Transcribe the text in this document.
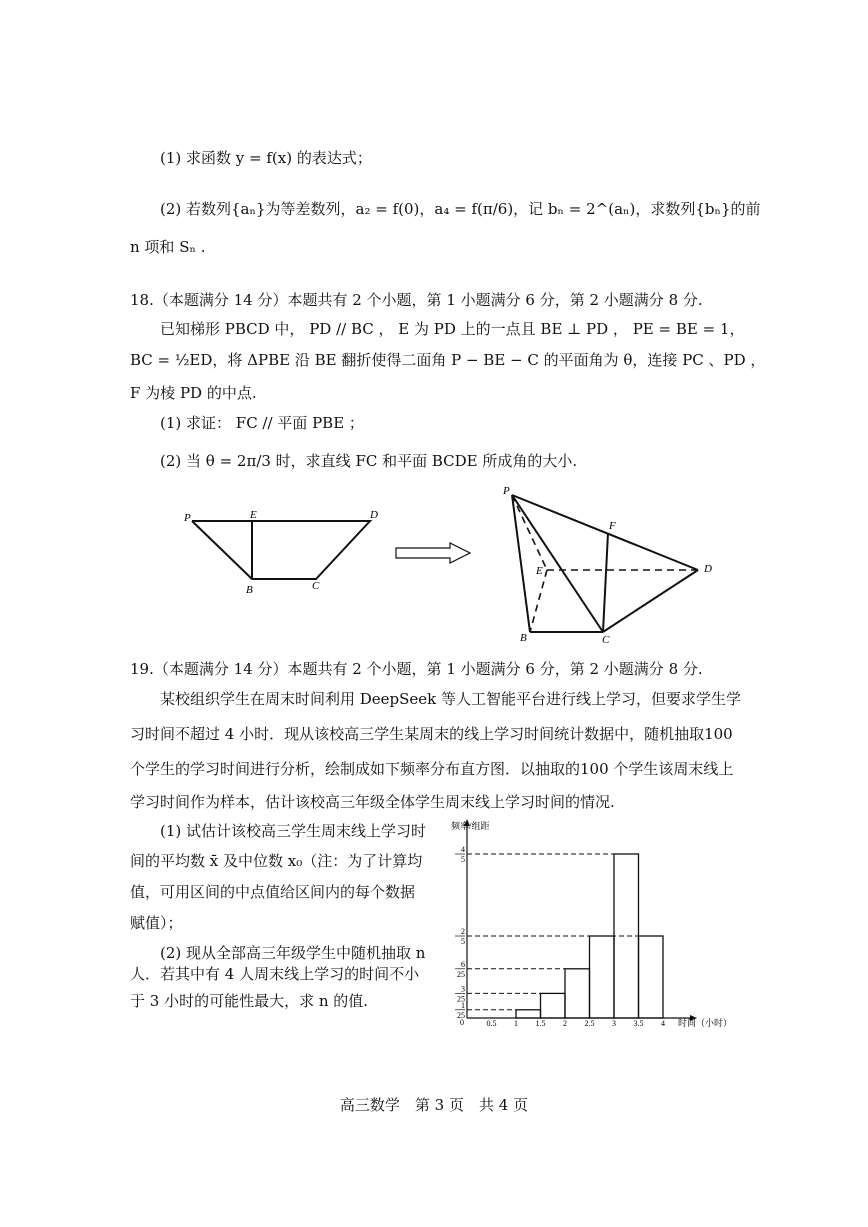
(1) 求函数 y = f(x) 的表达式；
(2) 若数列{aₙ}为等差数列，a₂ = f(0)，a₄ = f(π/6)，记 bₙ = 2^(aₙ)，求数列{bₙ}的前
n 项和 Sₙ .
18.（本题满分 14 分）本题共有 2 个小题，第 1 小题满分 6 分，第 2 小题满分 8 分.
已知梯形 PBCD 中， PD // BC ， E 为 PD 上的一点且 BE ⊥ PD ， PE = BE = 1，
BC = ½ED，将 ΔPBE 沿 BE 翻折使得二面角 P − BE − C 的平面角为 θ，连接 PC 、PD ，
F 为棱 PD 的中点.
(1) 求证： FC // 平面 PBE ；
(2) 当 θ = 2π/3 时，求直线 FC 和平面 BCDE 所成角的大小.
P	E	D
B	C
P
F
E	D
B	C
19.（本题满分 14 分）本题共有 2 个小题，第 1 小题满分 6 分，第 2 小题满分 8 分.
某校组织学生在周末时间利用 DeepSeek 等人工智能平台进行线上学习，但要求学生学
习时间不超过 4 小时．现从该校高三学生某周末的线上学习时间统计数据中，随机抽取100
个学生的学习时间进行分析，绘制成如下频率分布直方图．以抽取的100 个学生该周末线上
学习时间作为样本，估计该校高三年级全体学生周末线上学习时间的情况.
(1) 试估计该校高三学生周末线上学习时
间的平均数 x̄ 及中位数 x₀（注：为了计算均
值，可用区间的中点值给区间内的每个数据
赋值）；
(2) 现从全部高三年级学生中随机抽取 n
人．若其中有 4 人周末线上学习的时间不小
于 3 小时的可能性最大，求 n 的值.
频率/组距
时间（小时）
0
1
25
3
25
6
25
2
5
4
5
0.5 1 1.5 2 2.5 3 3.5 4
高三数学　第 3 页　共 4 页
